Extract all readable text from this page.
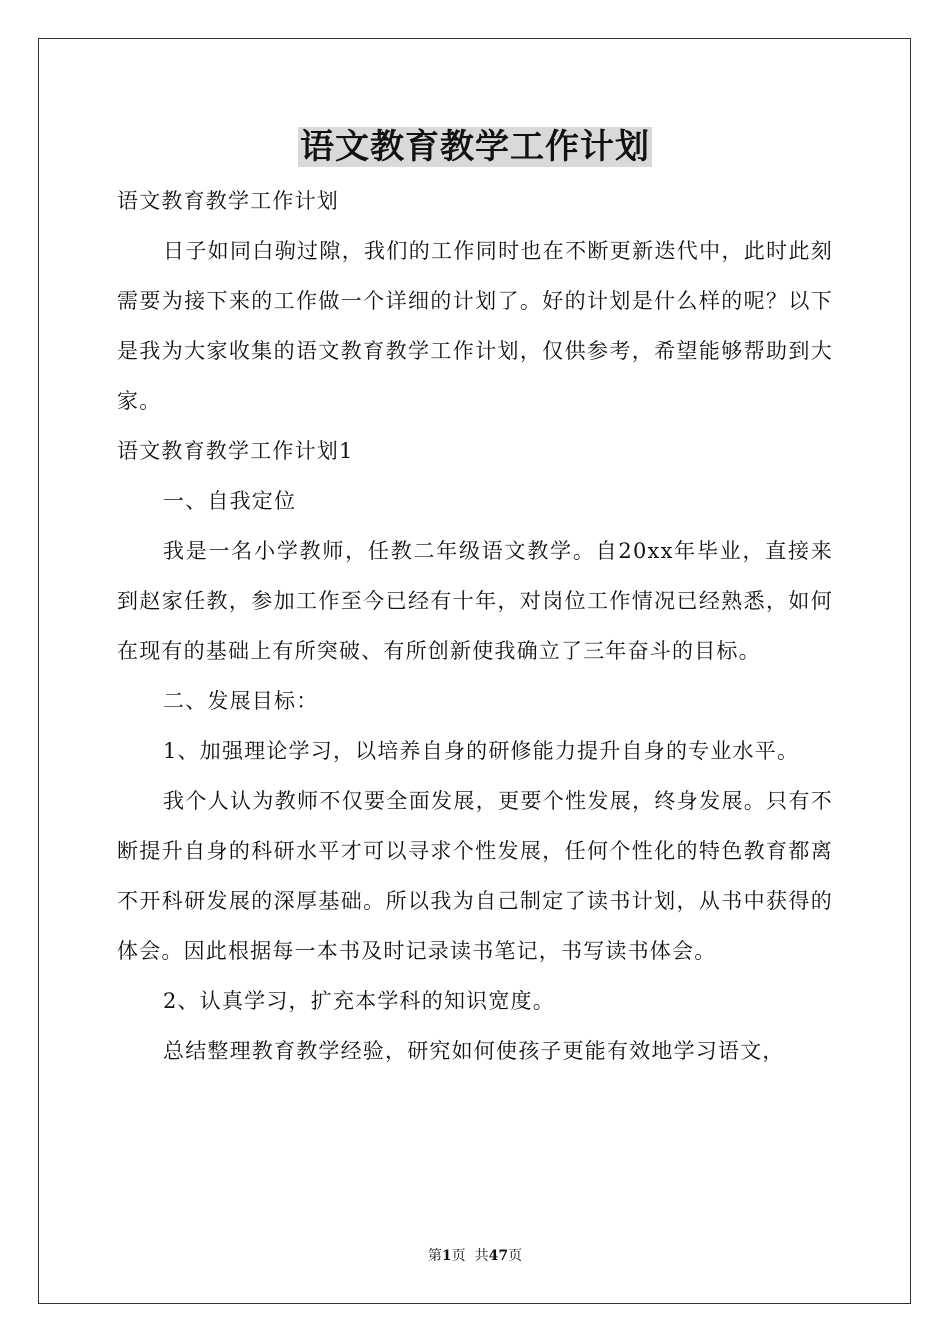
语文教育教学工作计划

语文教育教学工作计划

日子如同白驹过隙，我们的工作同时也在不断更新迭代中，此时此刻需要为接下来的工作做一个详细的计划了。好的计划是什么样的呢？以下是我为大家收集的语文教育教学工作计划，仅供参考，希望能够帮助到大家。

语文教育教学工作计划1

一、自我定位

我是一名小学教师，任教二年级语文教学。自20xx年毕业，直接来到赵家任教，参加工作至今已经有十年，对岗位工作情况已经熟悉，如何在现有的基础上有所突破、有所创新使我确立了三年奋斗的目标。

二、发展目标：

1、加强理论学习，以培养自身的研修能力提升自身的专业水平。

我个人认为教师不仅要全面发展，更要个性发展，终身发展。只有不断提升自身的科研水平才可以寻求个性发展，任何个性化的特色教育都离不开科研发展的深厚基础。所以我为自己制定了读书计划，从书中获得的体会。因此根据每一本书及时记录读书笔记，书写读书体会。

2、认真学习，扩充本学科的知识宽度。

总结整理教育教学经验，研究如何使孩子更能有效地学习语文，

第1页  共47页
